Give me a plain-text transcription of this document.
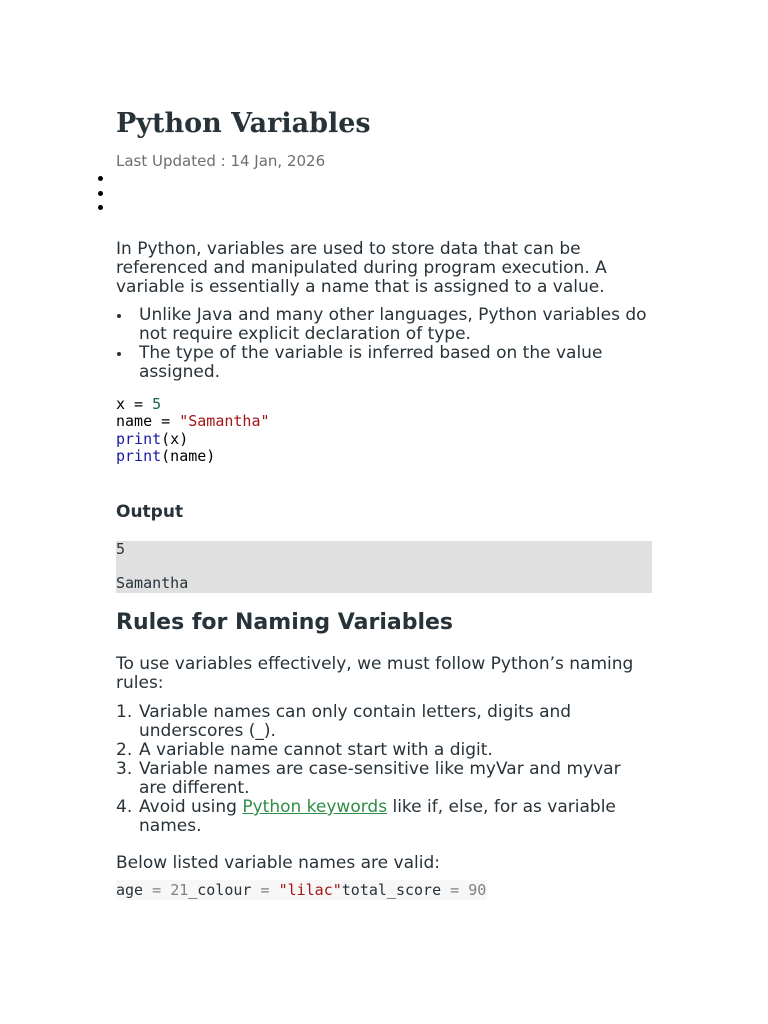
Python Variables
Last Updated : 14 Jan, 2026

In Python, variables are used to store data that can be referenced and manipulated during program execution. A variable is essentially a name that is assigned to a value.

Unlike Java and many other languages, Python variables do not require explicit declaration of type.
The type of the variable is inferred based on the value assigned.
x = 5
name = "Samantha"
print(x)
print(name)
Output
5
Samantha
Rules for Naming Variables

To use variables effectively, we must follow Python’s naming rules:

1. Variable names can only contain letters, digits and underscores (_).
2. A variable name cannot start with a digit.
3. Variable names are case-sensitive like myVar and myvar are different.
4. Avoid using Python keywords like if, else, for as variable names.
Below listed variable names are valid:
age = 21_colour = "lilac"total_score = 90
